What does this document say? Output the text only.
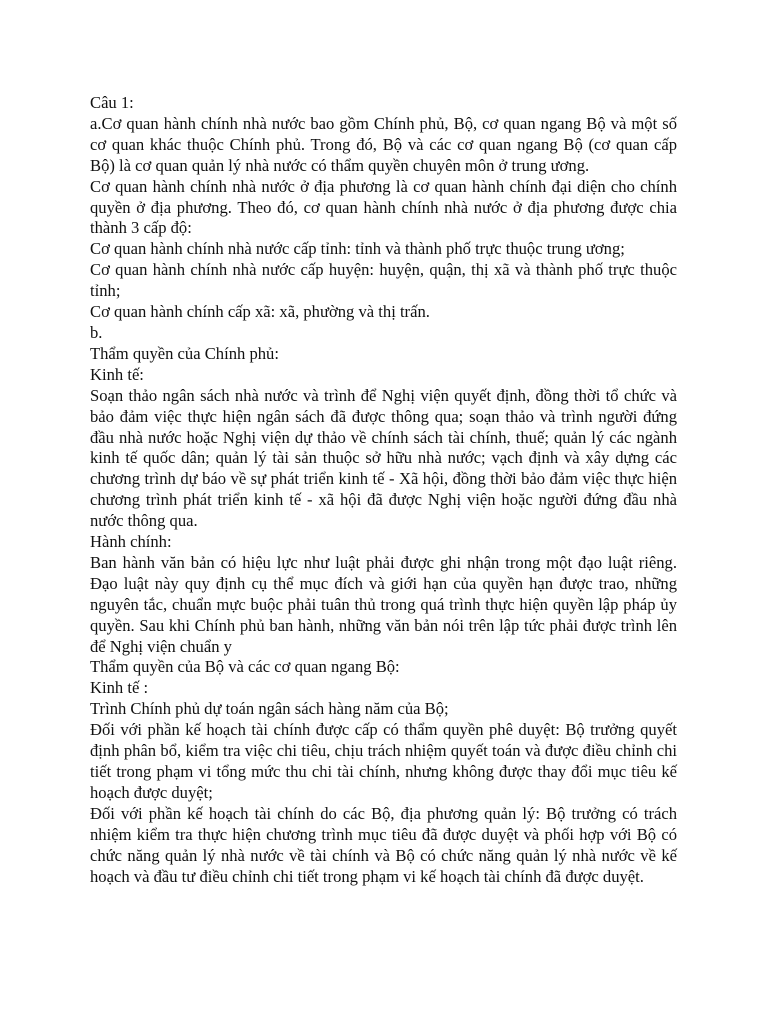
Câu 1:

a.Cơ quan hành chính nhà nước bao gồm Chính phủ, Bộ, cơ quan ngang Bộ và một số cơ quan khác thuộc Chính phủ. Trong đó, Bộ và các cơ quan ngang Bộ (cơ quan cấp Bộ) là cơ quan quản lý nhà nước có thẩm quyền chuyên môn ở trung ương.

Cơ quan hành chính nhà nước ở địa phương là cơ quan hành chính đại diện cho chính quyền ở địa phương. Theo đó, cơ quan hành chính nhà nước ở địa phương được chia thành 3 cấp độ:

Cơ quan hành chính nhà nước cấp tỉnh: tỉnh và thành phố trực thuộc trung ương;

Cơ quan hành chính nhà nước cấp huyện: huyện, quận, thị xã và thành phố trực thuộc tỉnh;

Cơ quan hành chính cấp xã: xã, phường và thị trấn.

b.

Thẩm quyền của Chính phủ:

Kinh tế:

Soạn thảo ngân sách nhà nước và trình để Nghị viện quyết định, đồng thời tổ chức và bảo đảm việc thực hiện ngân sách đã được thông qua; soạn thảo và trình người đứng đầu nhà nước hoặc Nghị viện dự thảo về chính sách tài chính, thuế; quản lý các ngành kinh tế quốc dân; quản lý tài sản thuộc sở hữu nhà nước; vạch định và xây dựng các chương trình dự báo về sự phát triển kinh tế - Xã hội, đồng thời bảo đảm việc thực hiện chương trình phát triển kinh tế - xã hội đã được Nghị viện hoặc người đứng đầu nhà nước thông qua.

Hành chính:

Ban hành văn bản có hiệu lực như luật phải được ghi nhận trong một đạo luật riêng. Đạo luật này quy định cụ thể mục đích và giới hạn của quyền hạn được trao, những nguyên tắc, chuẩn mực buộc phải tuân thủ trong quá trình thực hiện quyền lập pháp ủy quyền. Sau khi Chính phủ ban hành, những văn bản nói trên lập tức phải được trình lên để Nghị viện chuẩn y

Thẩm quyền của Bộ và các cơ quan ngang Bộ:

Kinh tế :

Trình Chính phủ dự toán ngân sách hàng năm của Bộ;

Đối với phần kế hoạch tài chính được cấp có thẩm quyền phê duyệt: Bộ trưởng quyết định phân bổ, kiểm tra việc chi tiêu, chịu trách nhiệm quyết toán và được điều chỉnh chi tiết trong phạm vi tổng mức thu chi tài chính, nhưng không được thay đổi mục tiêu kế hoạch được duyệt;

Đối với phần kế hoạch tài chính do các Bộ, địa phương quản lý: Bộ trưởng có trách nhiệm kiểm tra thực hiện chương trình mục tiêu đã được duyệt và phối hợp với Bộ có chức năng quản lý nhà nước về tài chính và Bộ có chức năng quản lý nhà nước về kế hoạch và đầu tư điều chỉnh chi tiết trong phạm vi kế hoạch tài chính đã được duyệt.
